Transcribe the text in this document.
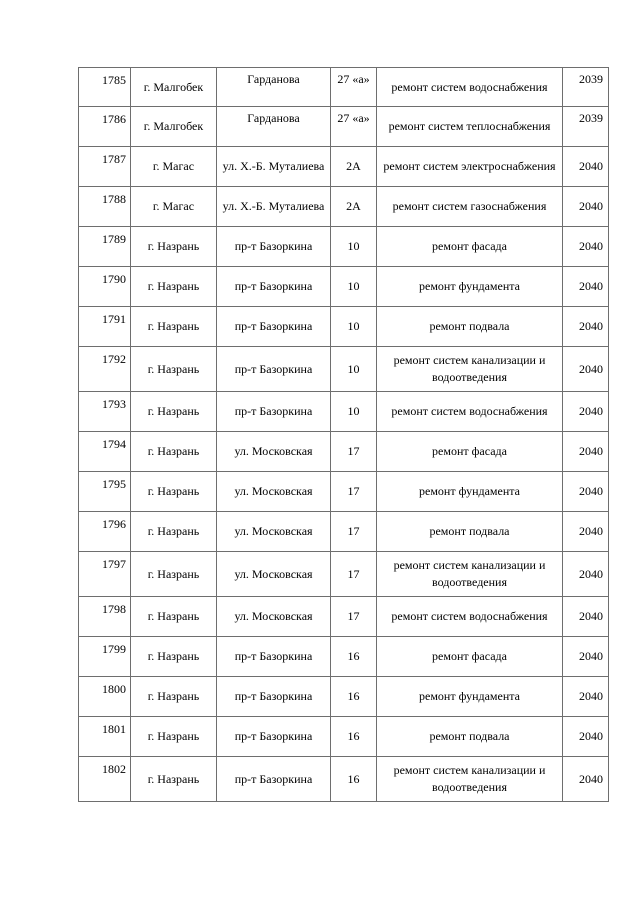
1785	г. Малгобек	Гарданова	27 «а»	ремонт систем водоснабжения	2039
1786	г. Малгобек	Гарданова	27 «а»	ремонт систем теплоснабжения	2039
1787	г. Магас	ул. Х.-Б. Муталиева	2А	ремонт систем электроснабжения	2040
1788	г. Магас	ул. Х.-Б. Муталиева	2А	ремонт систем газоснабжения	2040
1789	г. Назрань	пр-т Базоркина	10	ремонт фасада	2040
1790	г. Назрань	пр-т Базоркина	10	ремонт фундамента	2040
1791	г. Назрань	пр-т Базоркина	10	ремонт подвала	2040
1792	г. Назрань	пр-т Базоркина	10	ремонт систем канализации и водоотведения	2040
1793	г. Назрань	пр-т Базоркина	10	ремонт систем водоснабжения	2040
1794	г. Назрань	ул. Московская	17	ремонт фасада	2040
1795	г. Назрань	ул. Московская	17	ремонт фундамента	2040
1796	г. Назрань	ул. Московская	17	ремонт подвала	2040
1797	г. Назрань	ул. Московская	17	ремонт систем канализации и водоотведения	2040
1798	г. Назрань	ул. Московская	17	ремонт систем водоснабжения	2040
1799	г. Назрань	пр-т Базоркина	16	ремонт фасада	2040
1800	г. Назрань	пр-т Базоркина	16	ремонт фундамента	2040
1801	г. Назрань	пр-т Базоркина	16	ремонт подвала	2040
1802	г. Назрань	пр-т Базоркина	16	ремонт систем канализации и водоотведения	2040
